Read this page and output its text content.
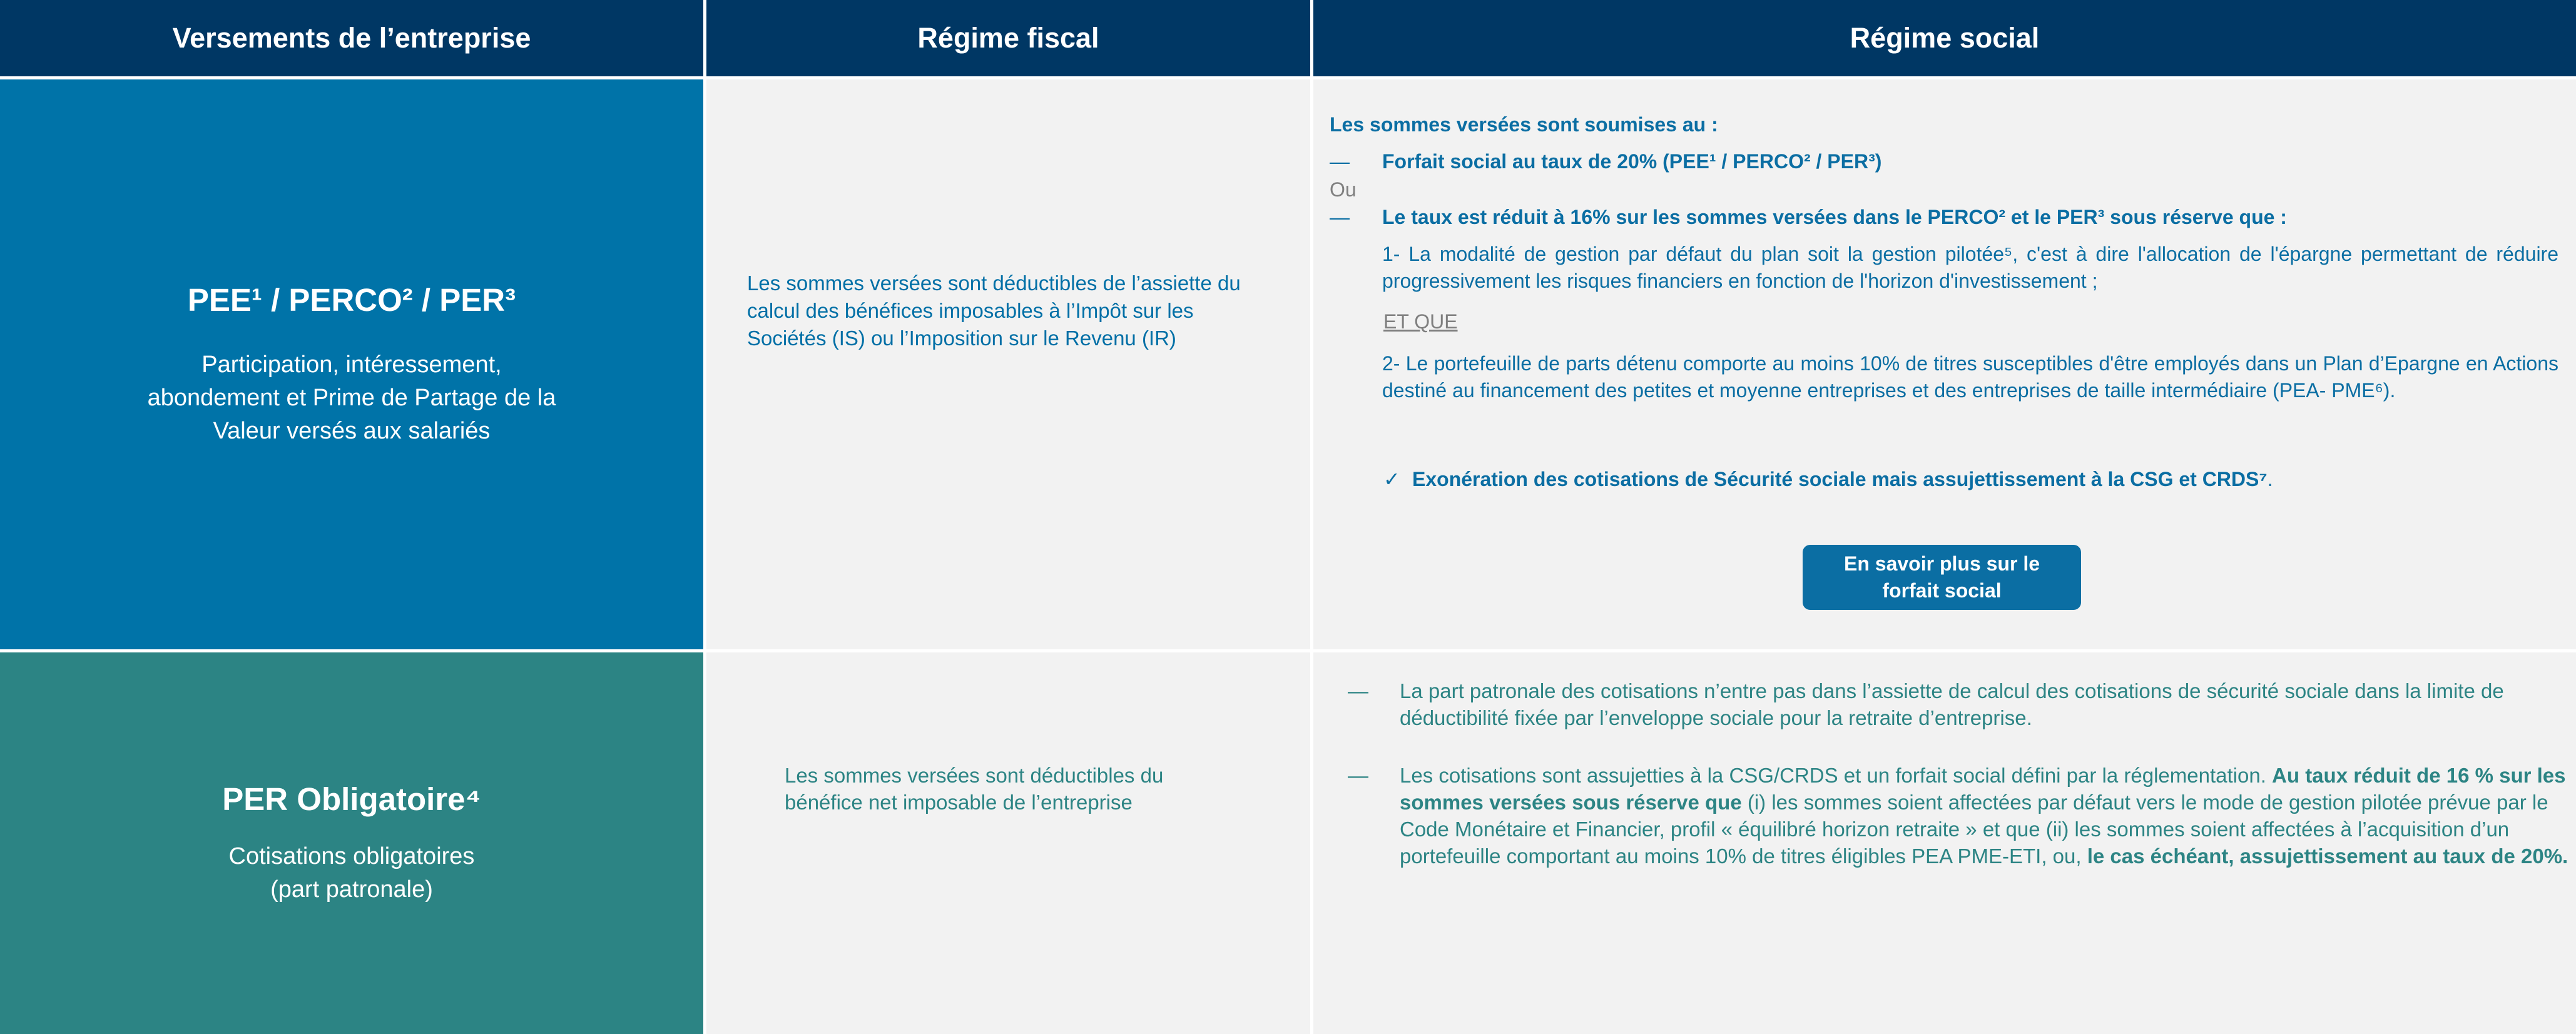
Versements de l’entreprise	Régime fiscal	Régime social
PEE¹ / PERCO² / PER³
Participation, intéressement,
abondement et Prime de Partage de la
Valeur versés aux salariés
Les sommes versées sont déductibles de l’assiette du calcul des bénéfices imposables à l’Impôt sur les Sociétés (IS) ou l’Imposition sur le Revenu (IR)
Les sommes versées sont soumises au :
— Forfait social au taux de 20% (PEE¹ / PERCO² / PER³)
Ou
— Le taux est réduit à 16% sur les sommes versées dans le PERCO² et le PER³ sous réserve que :
1- La modalité de gestion par défaut du plan soit la gestion pilotée⁵, c'est à dire l'allocation de l'épargne permettant de réduire progressivement les risques financiers en fonction de l'horizon d'investissement ;
ET QUE
2- Le portefeuille de parts détenu comporte au moins 10% de titres susceptibles d'être employés dans un Plan d’Epargne en Actions destiné au financement des petites et moyenne entreprises et des entreprises de taille intermédiaire (PEA- PME⁶).
✓ Exonération des cotisations de Sécurité sociale mais assujettissement à la CSG et CRDS⁷.
En savoir plus sur le forfait social
PER Obligatoire⁴
Cotisations obligatoires
(part patronale)
Les sommes versées sont déductibles du bénéfice net imposable de l’entreprise
— La part patronale des cotisations n’entre pas dans l’assiette de calcul des cotisations de sécurité sociale dans la limite de déductibilité fixée par l’enveloppe sociale pour la retraite d’entreprise.
— Les cotisations sont assujetties à la CSG/CRDS et un forfait social défini par la réglementation. Au taux réduit de 16 % sur les sommes versées sous réserve que (i) les sommes soient affectées par défaut vers le mode de gestion pilotée prévue par le Code Monétaire et Financier, profil « équilibré horizon retraite » et que (ii) les sommes soient affectées à l’acquisition d’un portefeuille comportant au moins 10% de titres éligibles PEA PME-ETI, ou, le cas échéant, assujettissement au taux de 20%.
